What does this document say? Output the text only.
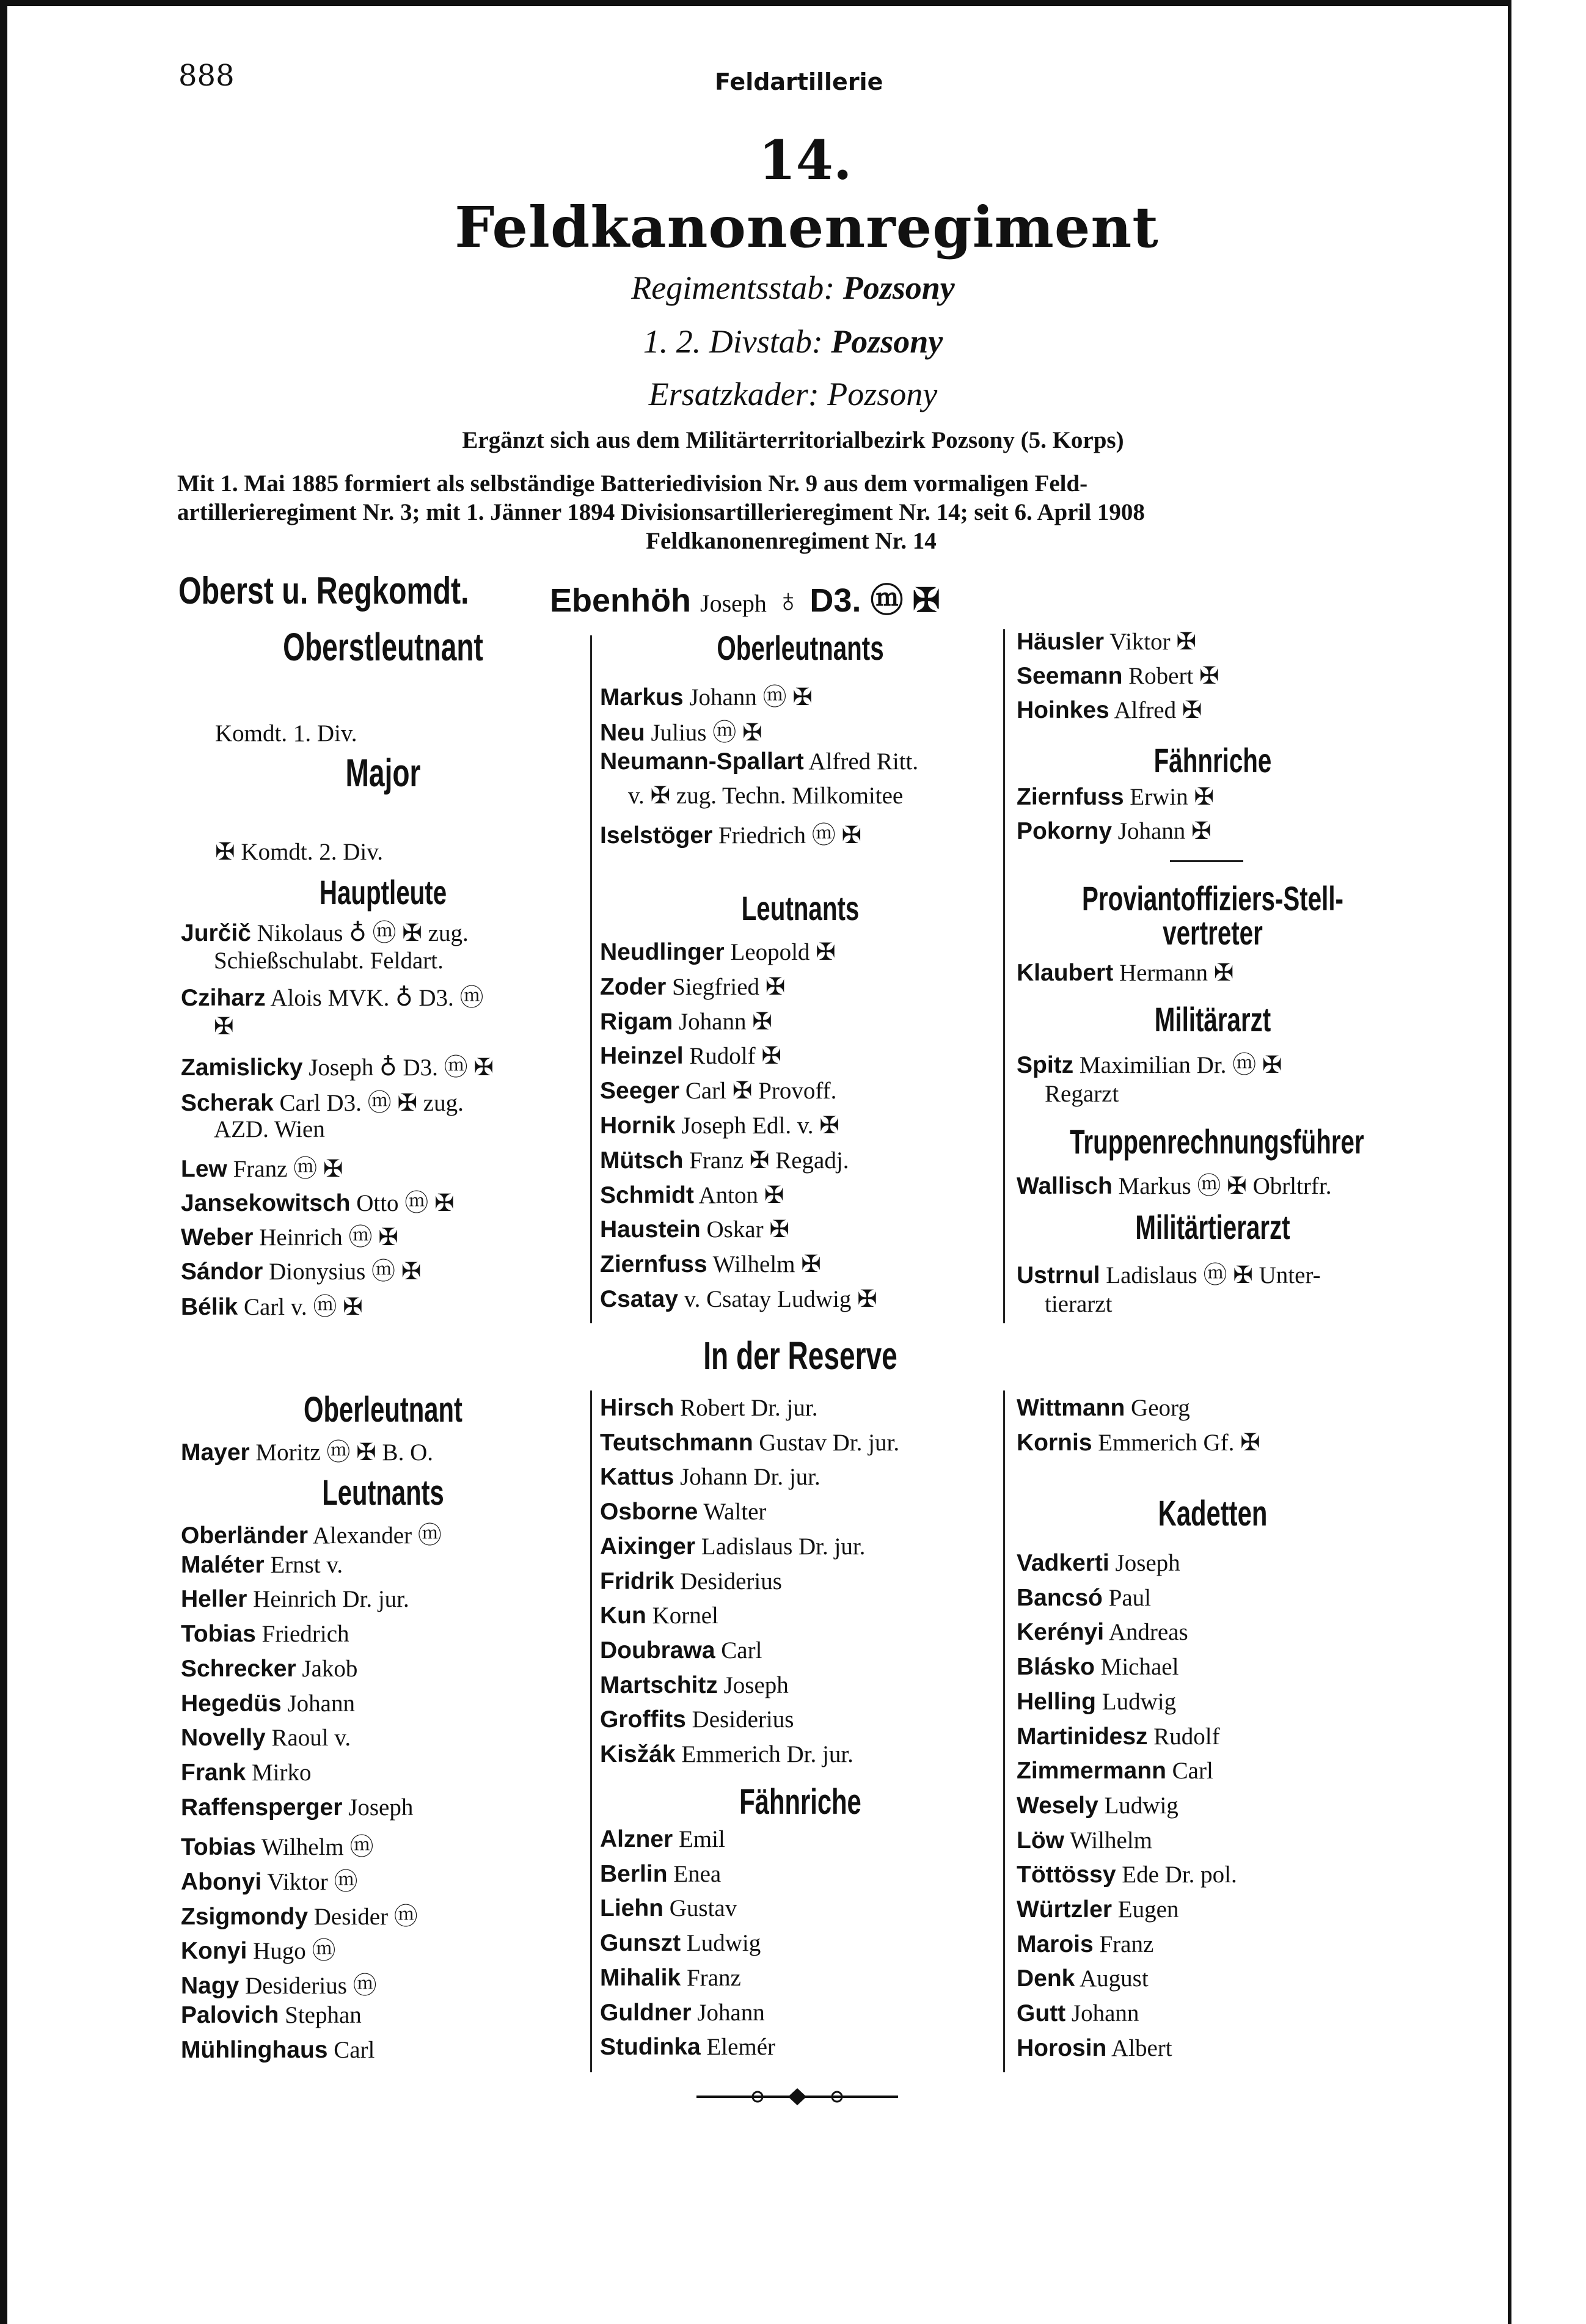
888	Feldartillerie
14.
Feldkanonenregiment
Regimentsstab: Pozsony
1. 2. Divstab: Pozsony
Ersatzkader: Pozsony
Ergänzt sich aus dem Militärterritorialbezirk Pozsony (5. Korps)
Mit 1. Mai 1885 formiert als selbständige Batteriedivision Nr. 9 aus dem vormaligen Feld-
artillerieregiment Nr. 3; mit 1. Jänner 1894 Divisionsartillerieregiment Nr. 14; seit 6. April 1908
Feldkanonenregiment Nr. 14
Oberst u. Regkomdt. Ebenhöh Joseph ♁ D3. ⓜ ✠
Oberstleutnant
Komdt. 1. Div.
Major
✠ Komdt. 2. Div.
Hauptleute
Jurčič Nikolaus ♁ ⓜ ✠ zug.
Schießschulabt. Feldart.
Cziharz Alois MVK. ♁ D3. ⓜ
✠
Zamislicky Joseph ♁ D3. ⓜ ✠
Scherak Carl D3. ⓜ ✠ zug.
AZD. Wien
Lew Franz ⓜ ✠
Jansekowitsch Otto ⓜ ✠
Weber Heinrich ⓜ ✠
Sándor Dionysius ⓜ ✠
Bélik Carl v. ⓜ ✠
Oberleutnant
Mayer Moritz ⓜ ✠ B. O.
Leutnants
Oberländer Alexander ⓜ
Maléter Ernst v.
Heller Heinrich Dr. jur.
Tobias Friedrich
Schrecker Jakob
Hegedüs Johann
Novelly Raoul v.
Frank Mirko
Raffensperger Joseph
Tobias Wilhelm ⓜ
Abonyi Viktor ⓜ
Zsigmondy Desider ⓜ
Konyi Hugo ⓜ
Nagy Desiderius ⓜ
Palovich Stephan
Mühlinghaus Carl
Oberleutnants
Markus Johann ⓜ ✠
Neu Julius ⓜ ✠
Neumann-Spallart Alfred Ritt.
v. ✠ zug. Techn. Milkomitee
Iselstöger Friedrich ⓜ ✠
Leutnants
Neudlinger Leopold ✠
Zoder Siegfried ✠
Rigam Johann ✠
Heinzel Rudolf ✠
Seeger Carl ✠ Provoff.
Hornik Joseph Edl. v. ✠
Mütsch Franz ✠ Regadj.
Schmidt Anton ✠
Haustein Oskar ✠
Ziernfuss Wilhelm ✠
Csatay v. Csatay Ludwig ✠
In der Reserve
Hirsch Robert Dr. jur.
Teutschmann Gustav Dr. jur.
Kattus Johann Dr. jur.
Osborne Walter
Aixinger Ladislaus Dr. jur.
Fridrik Desiderius
Kun Kornel
Doubrawa Carl
Martschitz Joseph
Groffits Desiderius
Kisžák Emmerich Dr. jur.
Fähnriche
Alzner Emil
Berlin Enea
Liehn Gustav
Gunszt Ludwig
Mihalik Franz
Guldner Johann
Studinka Elemér
Häusler Viktor ✠
Seemann Robert ✠
Hoinkes Alfred ✠
Fähnriche
Ziernfuss Erwin ✠
Pokorny Johann ✠
Proviantoffiziers-Stell-
vertreter
Klaubert Hermann ✠
Militärarzt
Spitz Maximilian Dr. ⓜ ✠
Regarzt
Truppenrechnungsführer
Wallisch Markus ⓜ ✠ Obrltrfr.
Militärtierarzt
Ustrnul Ladislaus ⓜ ✠ Unter-
tierarzt
Wittmann Georg
Kornis Emmerich Gf. ✠
Kadetten
Vadkerti Joseph
Bancsó Paul
Kerényi Andreas
Blásko Michael
Helling Ludwig
Martinidesz Rudolf
Zimmermann Carl
Wesely Ludwig
Löw Wilhelm
Töttössy Ede Dr. pol.
Würtzler Eugen
Marois Franz
Denk August
Gutt Johann
Horosin Albert
